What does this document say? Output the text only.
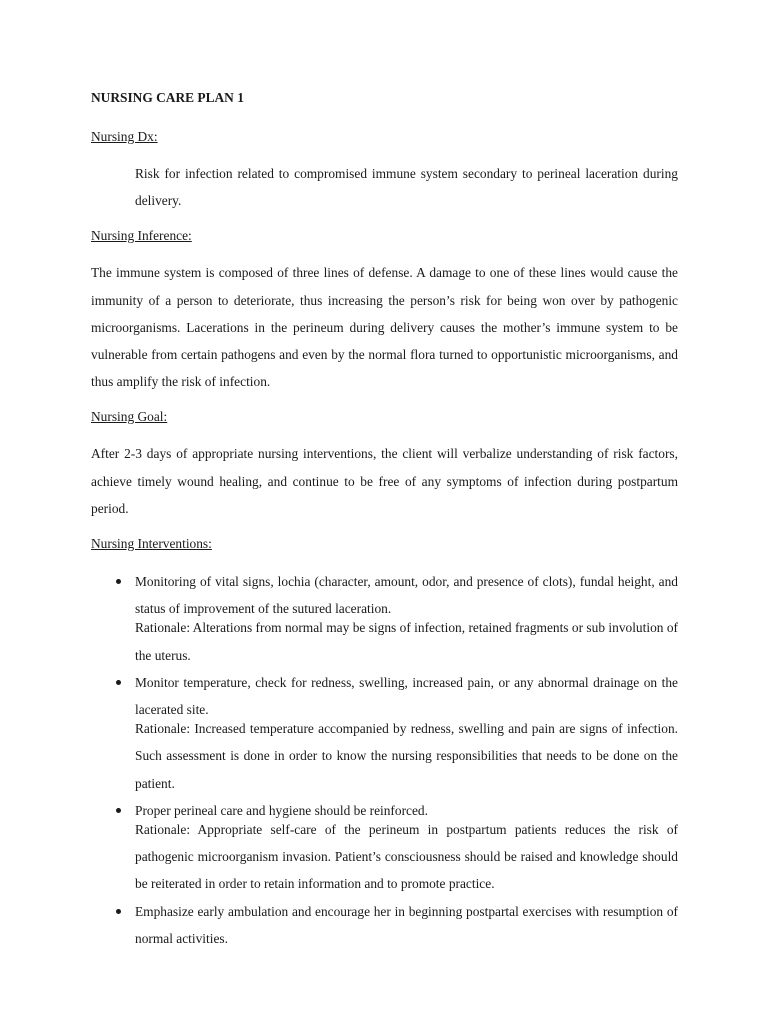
NURSING CARE PLAN 1
Nursing Dx:

Risk for infection related to compromised immune system secondary to perineal laceration during delivery.

Nursing Inference:

The immune system is composed of three lines of defense. A damage to one of these lines would cause the immunity of a person to deteriorate, thus increasing the person’s risk for being won over by pathogenic microorganisms. Lacerations in the perineum during delivery causes the mother’s immune system to be vulnerable from certain pathogens and even by the normal flora turned to opportunistic microorganisms, and thus amplify the risk of infection.

Nursing Goal:

After 2-3 days of appropriate nursing interventions, the client will verbalize understanding of risk factors, achieve timely wound healing, and continue to be free of any symptoms of infection during postpartum period.

Nursing Interventions:

Monitoring of vital signs, lochia (character, amount, odor, and presence of clots), fundal height, and status of improvement of the sutured laceration.

Rationale: Alterations from normal may be signs of infection, retained fragments or sub involution of the uterus.

Monitor temperature, check for redness, swelling, increased pain, or any abnormal drainage on the lacerated site.

Rationale: Increased temperature accompanied by redness, swelling and pain are signs of infection. Such assessment is done in order to know the nursing responsibilities that needs to be done on the patient.

Proper perineal care and hygiene should be reinforced.

Rationale: Appropriate self-care of the perineum in postpartum patients reduces the risk of pathogenic microorganism invasion. Patient’s consciousness should be raised and knowledge should be reiterated in order to retain information and to promote practice.

Emphasize early ambulation and encourage her in beginning postpartal exercises with resumption of normal activities.
